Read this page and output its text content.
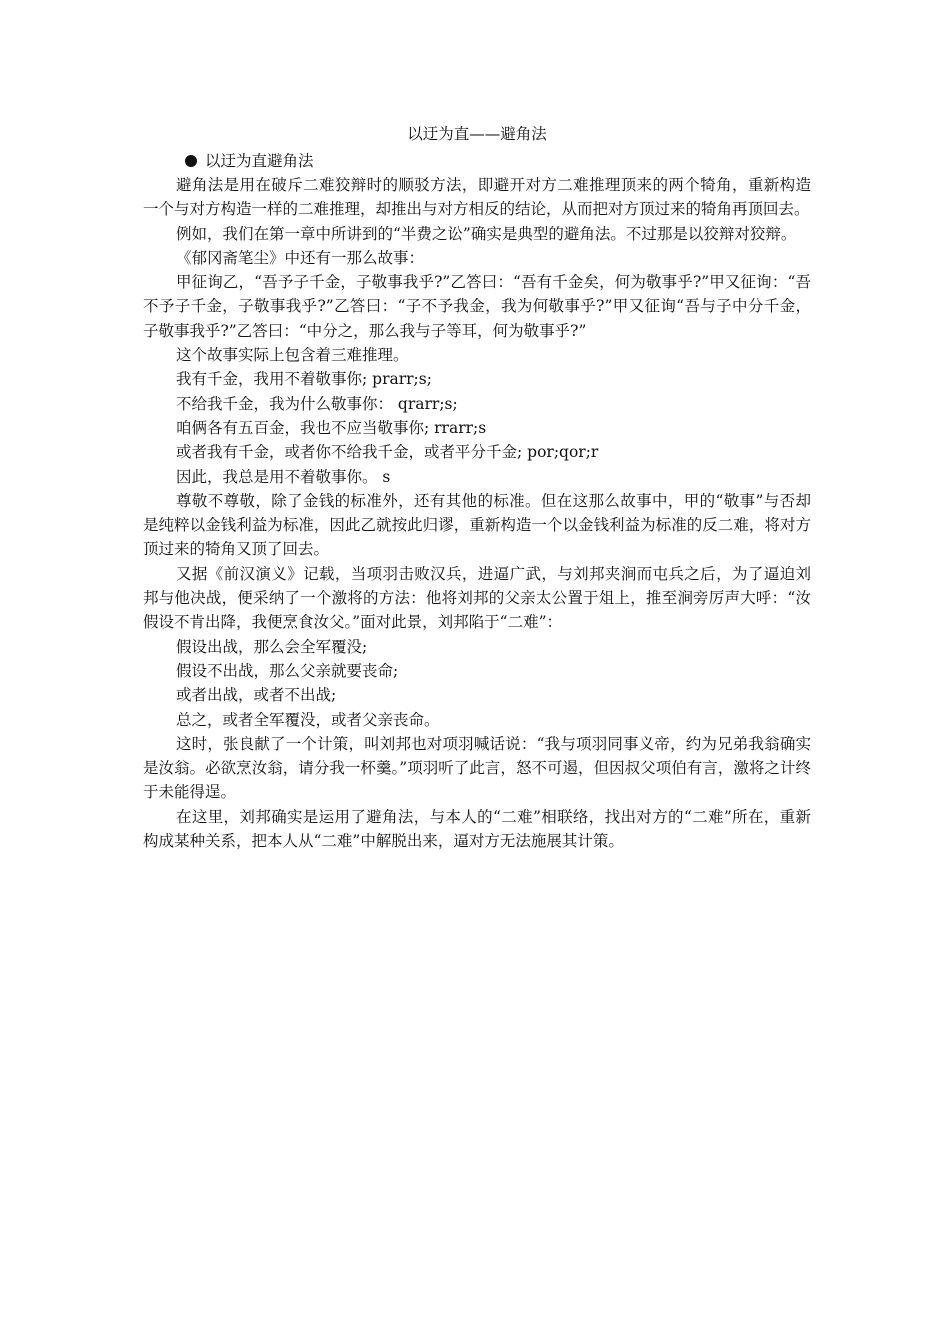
以迂为直——避角法
以迂为直避角法

避角法是用在破斥二难狡辩时的顺驳方法，即避开对方二难推理顶来的两个犄角，重新构造一个与对方构造一样的二难推理，却推出与对方相反的结论，从而把对方顶过来的犄角再顶回去。

例如，我们在第一章中所讲到的“半费之讼”确实是典型的避角法。不过那是以狡辩对狡辩。

《郁冈斋笔尘》中还有一那么故事：

甲征询乙，“吾予子千金，子敬事我乎?”乙答曰：“吾有千金矣，何为敬事乎?”甲又征询：“吾不予子千金，子敬事我乎?”乙答曰：“子不予我金，我为何敬事乎?”甲又征询“吾与子中分千金，子敬事我乎?”乙答曰：“中分之，那么我与子等耳，何为敬事乎?”

这个故事实际上包含着三难推理。

我有千金，我用不着敬事你; prarr;s;

不给我千金，我为什么敬事你： qrarr;s;

咱俩各有五百金，我也不应当敬事你; rrarr;s

或者我有千金，或者你不给我千金，或者平分千金; por;qor;r

因此，我总是用不着敬事你。 s

尊敬不尊敬，除了金钱的标准外，还有其他的标准。但在这那么故事中，甲的“敬事”与否却是纯粹以金钱利益为标准，因此乙就按此归谬，重新构造一个以金钱利益为标准的反二难，将对方顶过来的犄角又顶了回去。

又据《前汉演义》记载，当项羽击败汉兵，进逼广武，与刘邦夹涧而屯兵之后，为了逼迫刘邦与他决战，便采纳了一个激将的方法：他将刘邦的父亲太公置于俎上，推至涧旁厉声大呼：“汝假设不肯出降，我便烹食汝父。”面对此景，刘邦陷于“二难”：

假设出战，那么会全军覆没;

假设不出战，那么父亲就要丧命;

或者出战，或者不出战;

总之，或者全军覆没，或者父亲丧命。

这时，张良献了一个计策，叫刘邦也对项羽喊话说：“我与项羽同事义帝，约为兄弟我翁确实是汝翁。必欲烹汝翁，请分我一杯羹。”项羽听了此言，怒不可遏，但因叔父项伯有言，激将之计终于未能得逞。

在这里，刘邦确实是运用了避角法，与本人的“二难”相联络，找出对方的“二难”所在，重新构成某种关系，把本人从“二难”中解脱出来，逼对方无法施展其计策。
